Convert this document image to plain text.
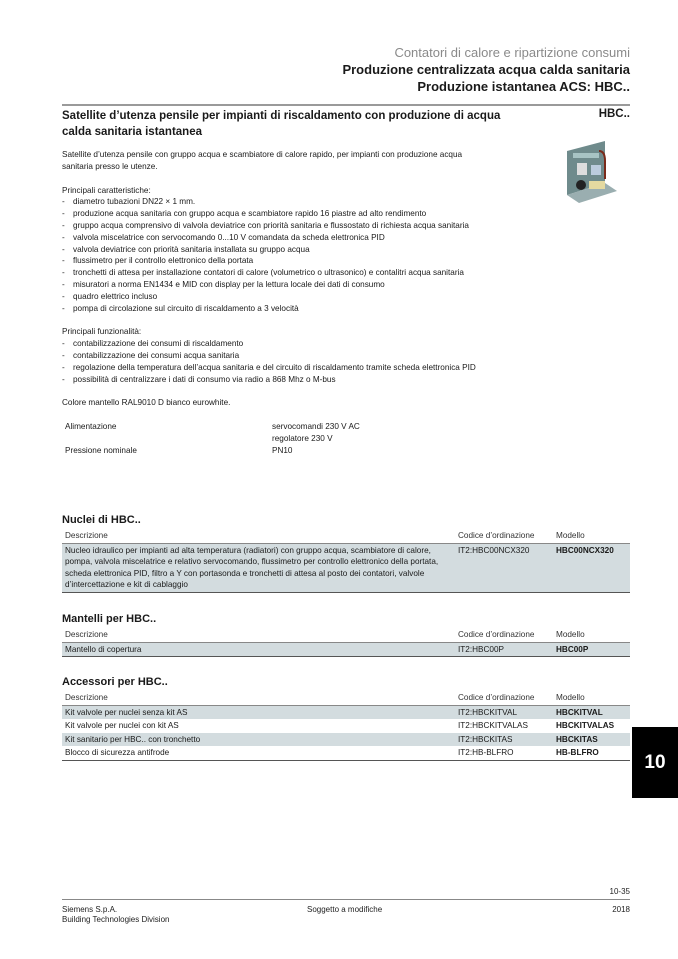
Contatori di calore e ripartizione consumi
Produzione centralizzata acqua calda sanitaria
Produzione istantanea ACS: HBC..
Satellite d’utenza pensile per impianti di riscaldamento con produzione di acqua calda sanitaria istantanea
HBC..

Satellite d’utenza pensile con gruppo acqua e scambiatore di calore rapido, per impianti con produzione acqua sanitaria presso le utenze.

Principali caratteristiche:
- diametro tubazioni DN22 × 1 mm.
- produzione acqua sanitaria con gruppo acqua e scambiatore rapido 16 piastre ad alto rendimento
- gruppo acqua comprensivo di valvola deviatrice con priorità sanitaria e flussostato di richiesta acqua sanitaria
- valvola miscelatrice con servocomando 0...10 V comandata da scheda elettronica PID
- valvola deviatrice con priorità sanitaria installata su gruppo acqua
- flussimetro per il controllo elettronico della portata
- tronchetti di attesa per installazione contatori di calore (volumetrico o ultrasonico) e contalitri acqua sanitaria
- misuratori a norma EN1434 e MID con display per la lettura locale dei dati di consumo
- quadro elettrico incluso
- pompa di circolazione sul circuito di riscaldamento a 3 velocità
Principali funzionalità:
- contabilizzazione dei consumi di riscaldamento
- contabilizzazione dei consumi acqua sanitaria
- regolazione della temperatura dell’acqua sanitaria e del circuito di riscaldamento tramite scheda elettronica PID
- possibilità di centralizzare i dati di consumo via radio a 868 Mhz o M-bus

Colore mantello RAL9010 D bianco eurowhite.

Alimentazione	servocomandi 230 V AC
regolatore 230 V
Pressione nominale	PN10
Nuclei di HBC..
Descrizione	Codice d’ordinazione	Modello
Nucleo idraulico per impianti ad alta temperatura (radiatori) con gruppo acqua, scambiatore di calore, pompa, valvola miscelatrice e relativo servocomando, flussimetro per controllo elettronico della portata, scheda elettronica PID, filtro a Y con portasonda e tronchetti di attesa al posto dei contatori, valvole d’intercettazione e kit di cablaggio
IT2:HBC00NCX320	HBC00NCX320
Mantelli per HBC..
Descrizione	Codice d’ordinazione	Modello
Mantello di copertura	IT2:HBC00P	HBC00P
Accessori per HBC..
Descrizione	Codice d’ordinazione	Modello
Kit valvole per nuclei senza kit AS	IT2:HBCKITVAL	HBCKITVAL
Kit valvole per nuclei con kit AS	IT2:HBCKITVALAS	HBCKITVALAS
Kit sanitario per HBC.. con tronchetto	IT2:HBCKITAS	HBCKITAS
Blocco di sicurezza antifrode	IT2:HB-BLFRO	HB-BLFRO	10
10-35
Siemens S.p.A.
Building Technologies Division
Soggetto a modifiche	2018
